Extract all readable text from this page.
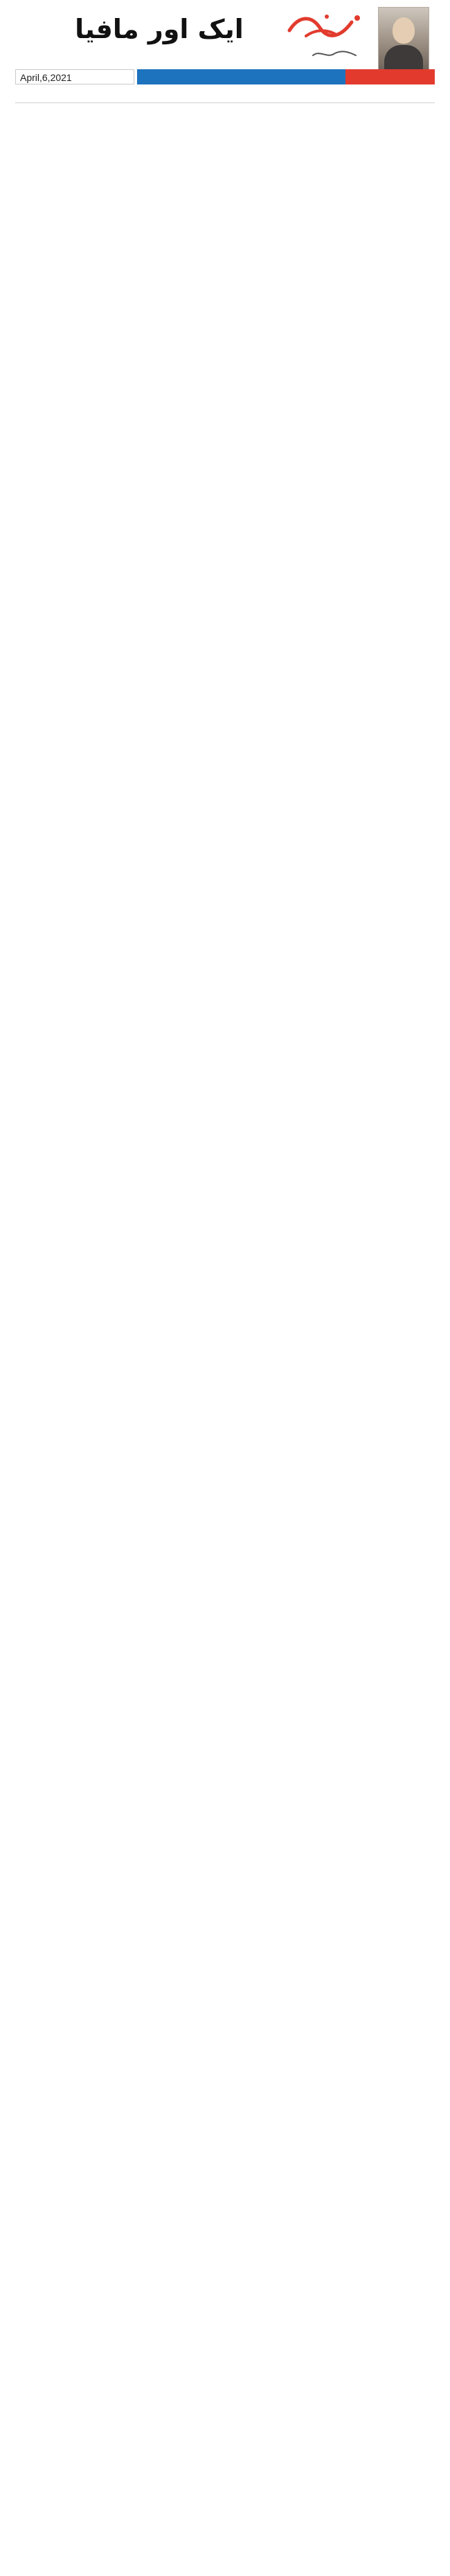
ایک اور مافیا
April,6,2021
